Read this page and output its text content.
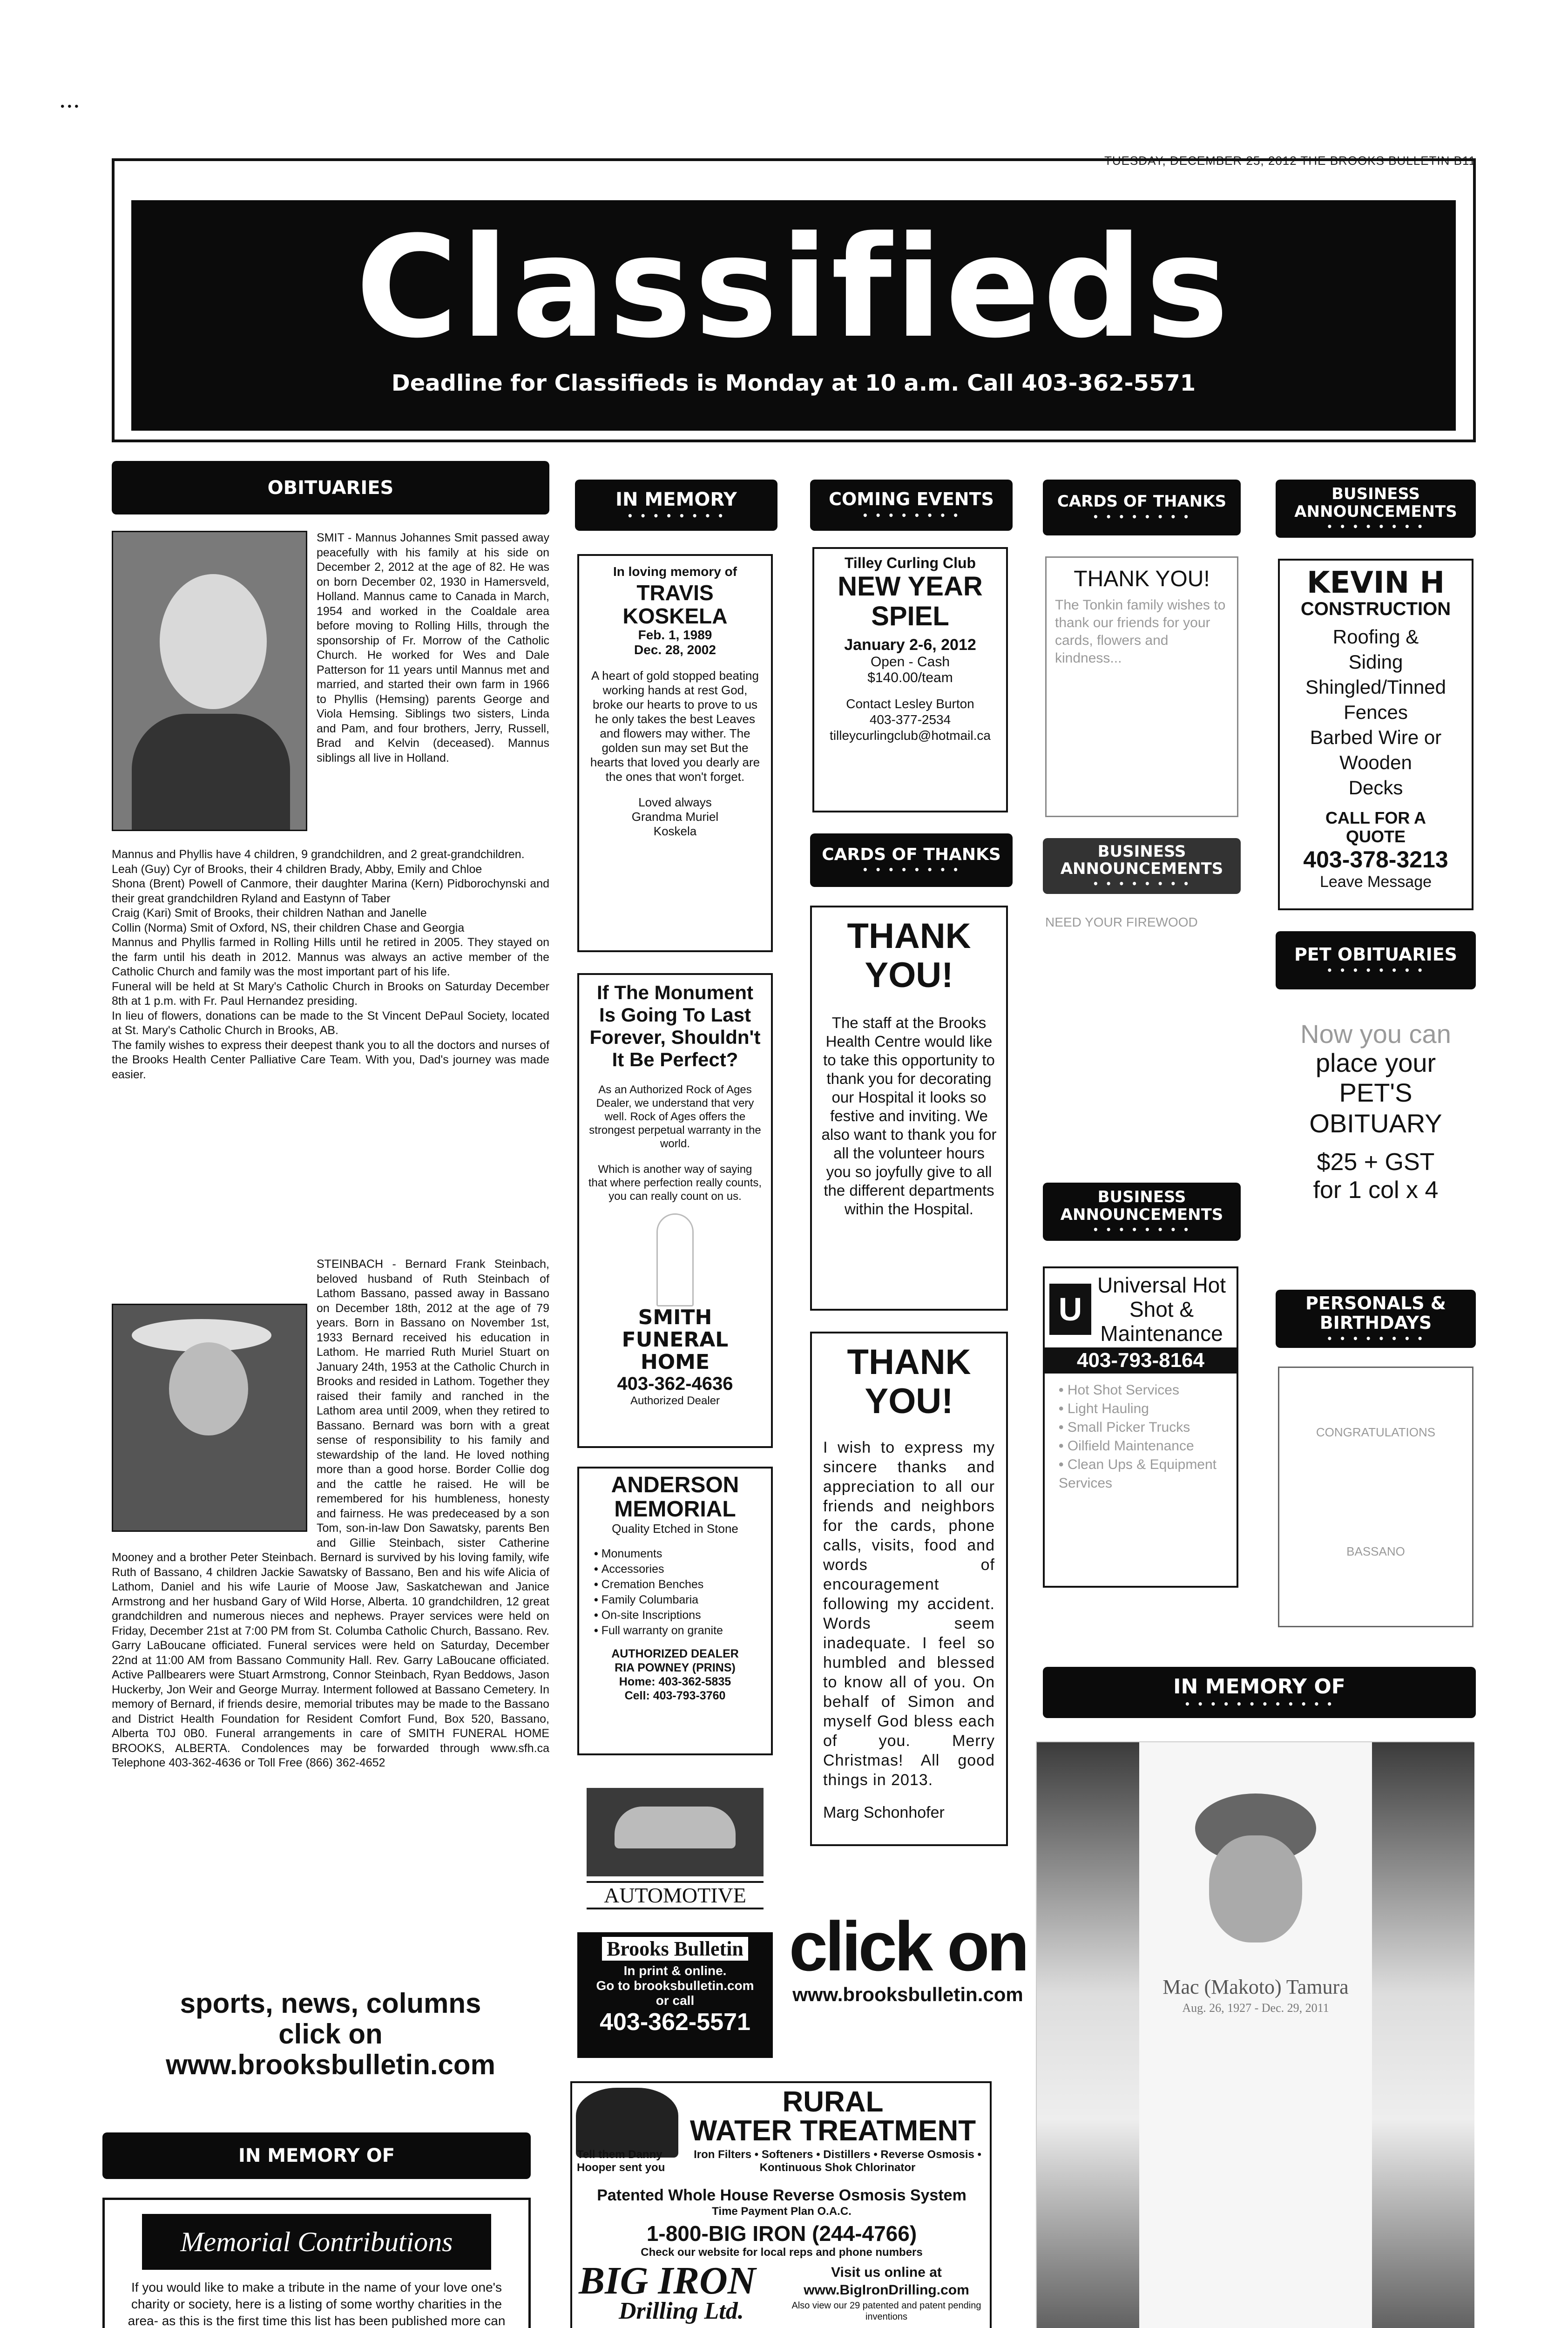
• • •
TUESDAY, DECEMBER 25, 2012 THE BROOKS BULLETIN B11
Classifieds
Deadline for Classifieds is Monday at 10 a.m. Call 403-362-5571
OBITUARIES
SMIT - Mannus Johannes Smit passed away peacefully with his family at his side on December 2, 2012 at the age of 82. He was on born December 02, 1930 in Hamersveld, Holland. Mannus came to Canada in March, 1954 and worked in the Coaldale area before moving to Rolling Hills, through the sponsorship of Fr. Morrow of the Catholic Church. He worked for Wes and Dale Patterson for 11 years until Mannus met and married, and started their own farm in 1966 to Phyllis (Hemsing) parents George and Viola Hemsing. Siblings two sisters, Linda and Pam, and four brothers, Jerry, Russell, Brad and Kelvin (deceased). Mannus siblings all live in Holland.

Mannus and Phyllis have 4 children, 9 grandchildren, and 2 great-grandchildren.

Leah (Guy) Cyr of Brooks, their 4 children Brady, Abby, Emily and Chloe

Shona (Brent) Powell of Canmore, their daughter Marina (Kern) Pidborochynski and their great grandchildren Ryland and Eastynn of Taber

Craig (Kari) Smit of Brooks, their children Nathan and Janelle

Collin (Norma) Smit of Oxford, NS, their children Chase and Georgia

Mannus and Phyllis farmed in Rolling Hills until he retired in 2005. They stayed on the farm until his death in 2012. Mannus was always an active member of the Catholic Church and family was the most important part of his life.

Funeral will be held at St Mary's Catholic Church in Brooks on Saturday December 8th at 1 p.m. with Fr. Paul Hernandez presiding.

In lieu of flowers, donations can be made to the St Vincent DePaul Society, located at St. Mary's Catholic Church in Brooks, AB.

The family wishes to express their deepest thank you to all the doctors and nurses of the Brooks Health Center Palliative Care Team. With you, Dad's journey was made easier.

STEINBACH - Bernard Frank Steinbach, beloved husband of Ruth Steinbach of Lathom Bassano, passed away in Bassano on December 18th, 2012 at the age of 79 years. Born in Bassano on November 1st, 1933 Bernard received his education in Lathom. He married Ruth Muriel Stuart on January 24th, 1953 at the Catholic Church in Brooks and resided in Lathom. Together they raised their family and ranched in the Lathom area until 2009, when they retired to Bassano. Bernard was born with a great sense of responsibility to his family and stewardship of the land. He loved nothing more than a good horse. Border Collie dog and the cattle he raised. He will be remembered for his humbleness, honesty and fairness. He was predeceased by a son Tom, son-in-law Don Sawatsky, parents Ben and Gillie Steinbach, sister Catherine Mooney and a brother Peter Steinbach. Bernard is survived by his loving family, wife Ruth of Bassano, 4 children Jackie Sawatsky of Bassano, Ben and his wife Alicia of Lathom, Daniel and his wife Laurie of Moose Jaw, Saskatchewan and Janice Armstrong and her husband Gary of Wild Horse, Alberta. 10 grandchildren, 12 great grandchildren and numerous nieces and nephews. Prayer services were held on Friday, December 21st at 7:00 PM from St. Columba Catholic Church, Bassano. Rev. Garry LaBoucane officiated. Funeral services were held on Saturday, December 22nd at 11:00 AM from Bassano Community Hall. Rev. Garry LaBoucane officiated. Active Pallbearers were Stuart Armstrong, Connor Steinbach, Ryan Beddows, Jason Huckerby, Jon Weir and George Murray. Interment followed at Bassano Cemetery. In memory of Bernard, if friends desire, memorial tributes may be made to the Bassano and District Health Foundation for Resident Comfort Fund, Box 520, Bassano, Alberta T0J 0B0. Funeral arrangements in care of SMITH FUNERAL HOME BROOKS, ALBERTA. Condolences may be forwarded through www.sfh.ca Telephone 403-362-4636 or Toll Free (866) 362-4652
sports, news, columns
click on
www.brooksbulletin.com
IN MEMORY OF
Memorial Contributions
If you would like to make a tribute in the name of your love one's charity or society, here is a listing of some worthy charities in the area- as this is the first time this list has been published more can
IN MEMORY
• • • • • • • •
In loving memory of
TRAVIS KOSKELA
Feb. 1, 1989
Dec. 28, 2002
A heart of gold stopped beating working hands at rest God, broke our hearts to prove to us he only takes the best Leaves and flowers may wither. The golden sun may set But the hearts that loved you dearly are the ones that won't forget.
Loved always Grandma Muriel Koskela
If The Monument Is Going To Last Forever, Shouldn't It Be Perfect?
As an Authorized Rock of Ages Dealer, we understand that very well. Rock of Ages offers the strongest perpetual warranty in the world.
Which is another way of saying that where perfection really counts, you can really count on us.
SMITH FUNERAL HOME
403-362-4636
Authorized Dealer
ANDERSON MEMORIAL
Quality Etched in Stone
• Monuments
• Accessories
• Cremation Benches
• Family Columbaria
• On-site Inscriptions
• Full warranty on granite
AUTHORIZED DEALER
RIA POWNEY (PRINS)
Home: 403-362-5835
Cell: 403-793-3760
AUTOMOTIVE
Brooks Bulletin
In print & online.
Go to brooksbulletin.com
or call
403-362-5571
click on
www.brooksbulletin.com
RURAL
WATER TREATMENT
Tell them Danny Hooper sent you
Iron Filters • Softeners • Distillers • Reverse Osmosis • Kontinuous Shok Chlorinator
Patented Whole House Reverse Osmosis System
Time Payment Plan O.A.C.
1-800-BIG IRON (244-4766)
Check our website for local reps and phone numbers
BIG IRON
Drilling Ltd.
Visit us online at
www.BigIronDrilling.com
Also view our 29 patented and patent pending inventions
COMING EVENTS
• • • • • • • •
Tilley Curling Club
NEW YEAR SPIEL
January 2-6, 2012
Open - Cash
$140.00/team
Contact Lesley Burton
403-377-2534
tilleycurlingclub@hotmail.ca
CARDS OF THANKS
• • • • • • • •
THANK YOU!
The staff at the Brooks Health Centre would like to take this opportunity to thank you for decorating our Hospital it looks so festive and inviting. We also want to thank you for all the volunteer hours you so joyfully give to all the different departments within the Hospital.
THANK YOU!
I wish to express my sincere thanks and appreciation to all our friends and neighbors for the cards, phone calls, visits, food and words of encouragement following my accident. Words seem inadequate. I feel so humbled and blessed to know all of you. On behalf of Simon and myself God bless each of you. Merry Christmas! All good things in 2013.
Marg Schonhofer
CARDS OF THANKS
• • • • • • • •
THANK YOU!
The Tonkin family wishes to thank our friends for your cards, flowers and kindness...
BUSINESS ANNOUNCEMENTS
• • • • • • • •
NEED YOUR FIREWOOD
BUSINESS ANNOUNCEMENTS
• • • • • • • •
U
Universal Hot Shot & Maintenance
403-793-8164
• Hot Shot Services
• Light Hauling
• Small Picker Trucks
• Oilfield Maintenance
• Clean Ups & Equipment Services
BUSINESS ANNOUNCEMENTS
• • • • • • • •
KEVIN H
CONSTRUCTION
Roofing &
Siding
Shingled/Tinned
Fences
Barbed Wire or
Wooden
Decks
CALL FOR A QUOTE
403-378-3213
Leave Message
PET OBITUARIES
• • • • • • • •
Now you can
place your
PET'S OBITUARY
$25 + GST
for 1 col x 4
PERSONALS & BIRTHDAYS
• • • • • • • •
CONGRATULATIONS
BASSANO
IN MEMORY OF
• • • • • • • • • • • •
Mac (Makoto) Tamura
Aug. 26, 1927 - Dec. 29, 2011
